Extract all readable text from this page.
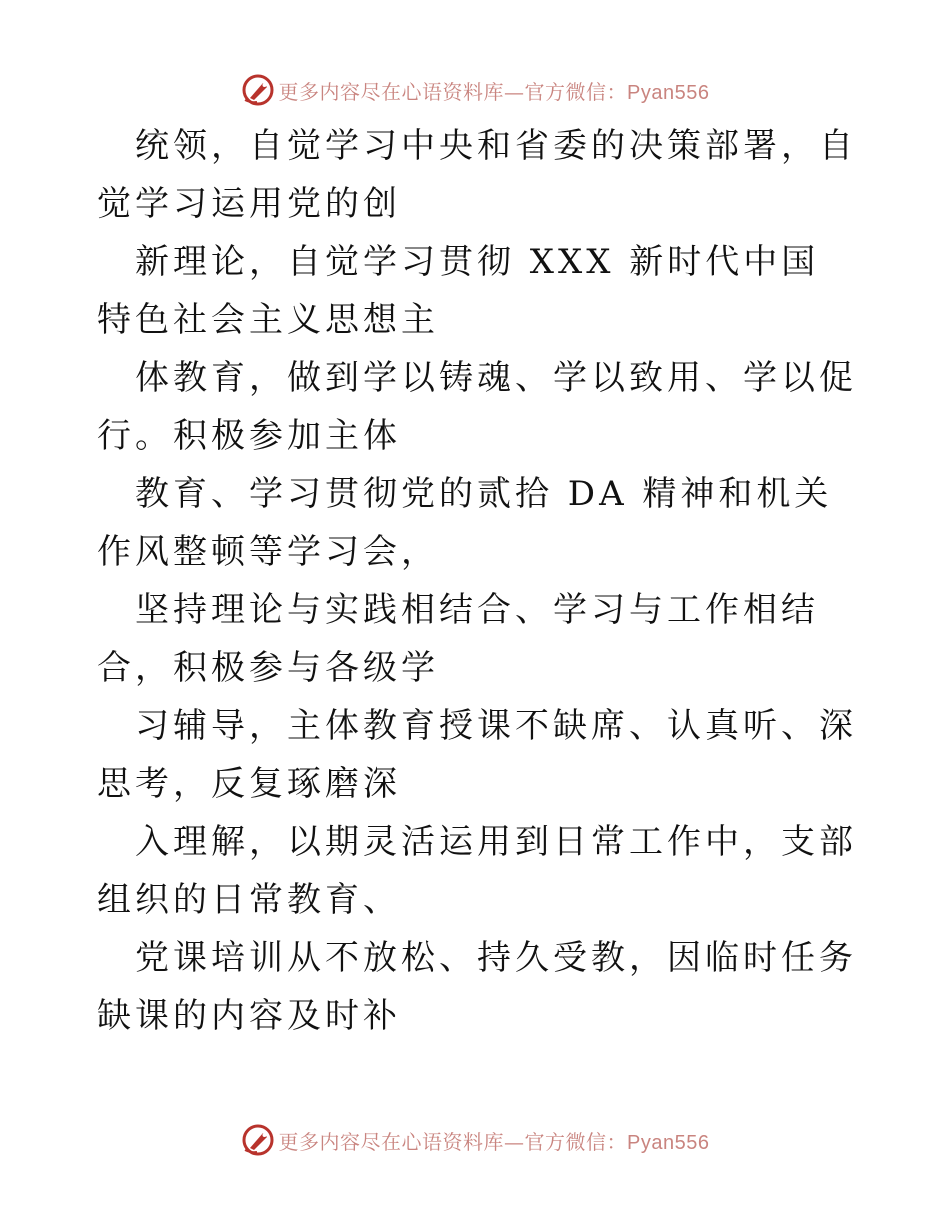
更多内容尽在心语资料库—官方微信：Pyan556

统领，自觉学习中央和省委的决策部署，自觉学习运用党的创

新理论，自觉学习贯彻 XXX 新时代中国特色社会主义思想主

体教育，做到学以铸魂、学以致用、学以促行。积极参加主体

教育、学习贯彻党的贰拾 DA 精神和机关作风整顿等学习会，

坚持理论与实践相结合、学习与工作相结合，积极参与各级学

习辅导，主体教育授课不缺席、认真听、深思考，反复琢磨深

入理解，以期灵活运用到日常工作中，支部组织的日常教育、

党课培训从不放松、持久受教，因临时任务缺课的内容及时补

更多内容尽在心语资料库—官方微信：Pyan556
